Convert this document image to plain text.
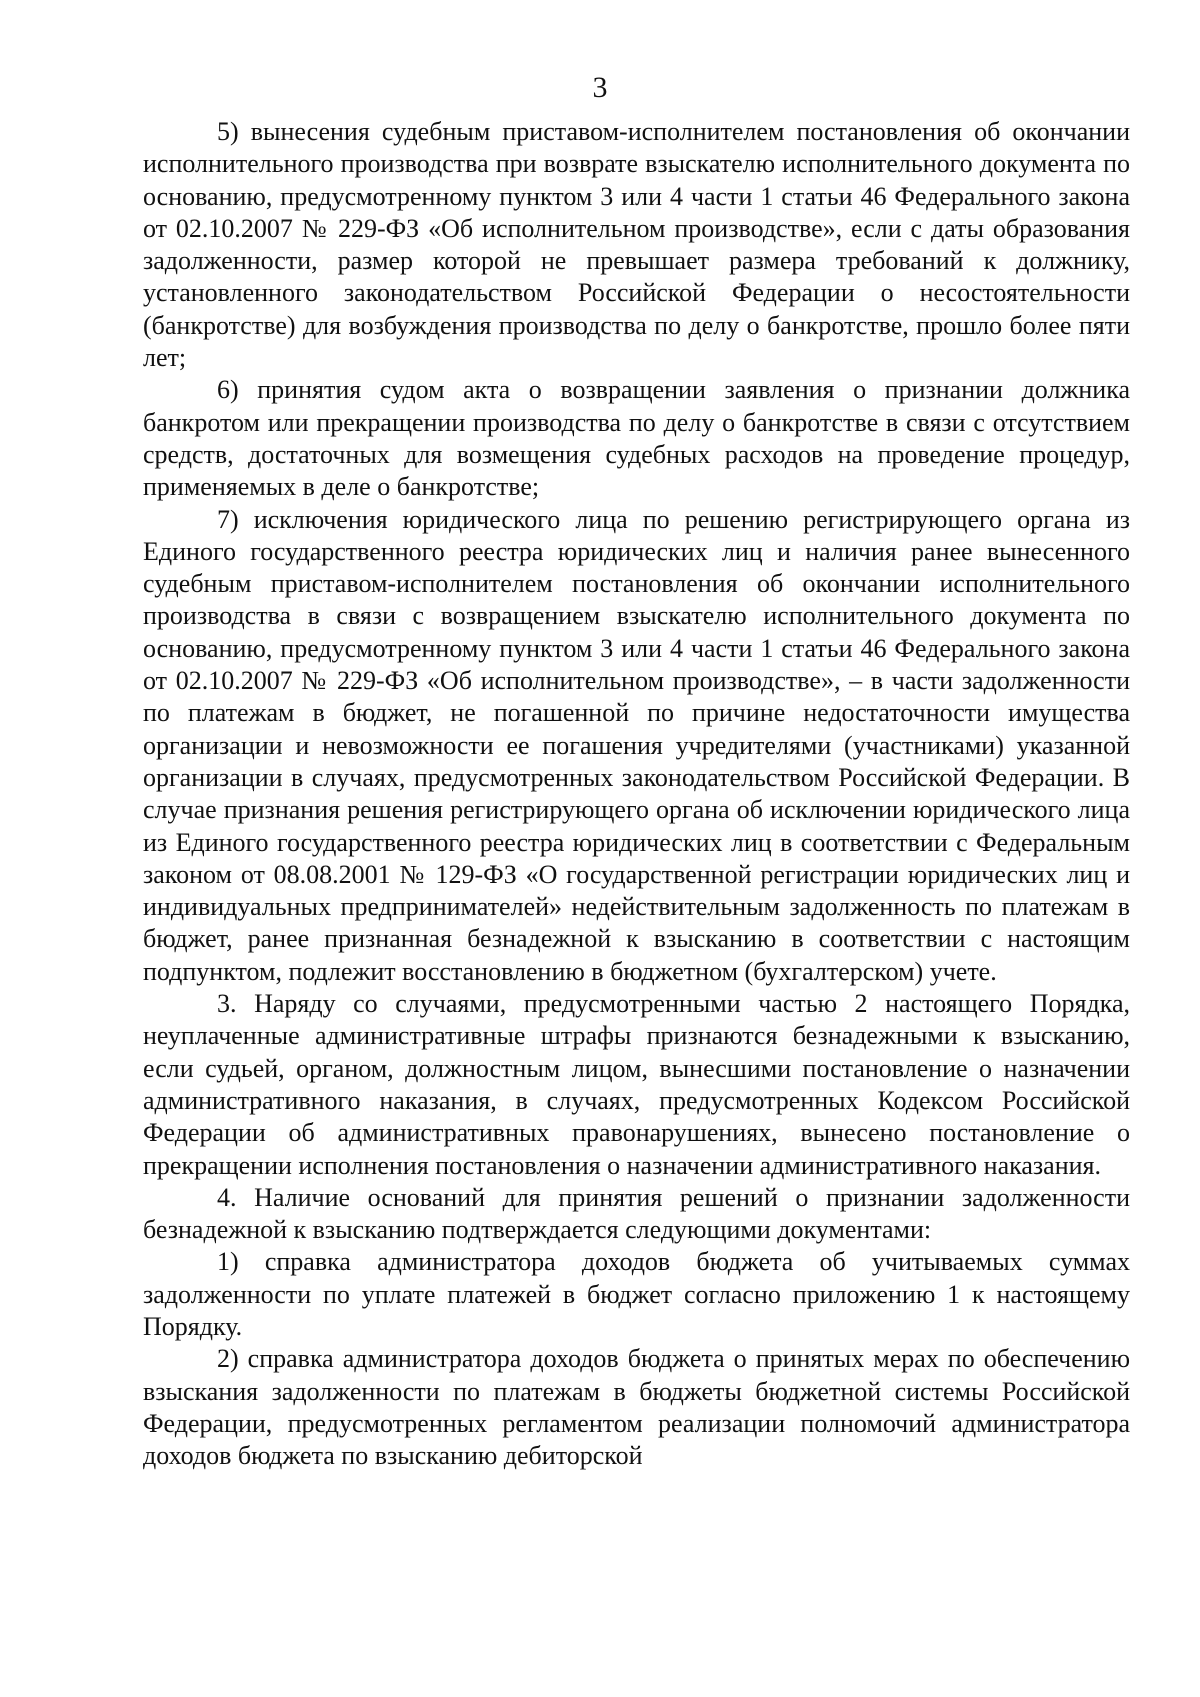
3

5) вынесения судебным приставом-исполнителем постановления об окончании исполнительного производства при возврате взыскателю исполнительного документа по основанию, предусмотренному пунктом 3 или 4 части 1 статьи 46 Федерального закона от 02.10.2007 № 229-ФЗ «Об исполнительном производстве», если с даты образования задолженности, размер которой не превышает размера требований к должнику, установленного законодательством Российской Федерации о несостоятельности (банкротстве) для возбуждения производства по делу о банкротстве, прошло более пяти лет;

6) принятия судом акта о возвращении заявления о признании должника банкротом или прекращении производства по делу о банкротстве в связи с отсутствием средств, достаточных для возмещения судебных расходов на проведение процедур, применяемых в деле о банкротстве;

7) исключения юридического лица по решению регистрирующего органа из Единого государственного реестра юридических лиц и наличия ранее вынесенного судебным приставом-исполнителем постановления об окончании исполнительного производства в связи с возвращением взыскателю исполнительного документа по основанию, предусмотренному пунктом 3 или 4 части 1 статьи 46 Федерального закона от 02.10.2007 № 229-ФЗ «Об исполнительном производстве», – в части задолженности по платежам в бюджет, не погашенной по причине недостаточности имущества организации и невозможности ее погашения учредителями (участниками) указанной организации в случаях, предусмотренных законодательством Российской Федерации. В случае признания решения регистрирующего органа об исключении юридического лица из Единого государственного реестра юридических лиц в соответствии с Федеральным законом от 08.08.2001 № 129-ФЗ «О государственной регистрации юридических лиц и индивидуальных предпринимателей» недействительным задолженность по платежам в бюджет, ранее признанная безнадежной к взысканию в соответствии с настоящим подпунктом, подлежит восстановлению в бюджетном (бухгалтерском) учете.

3. Наряду со случаями, предусмотренными частью 2 настоящего Порядка, неуплаченные административные штрафы признаются безнадежными к взысканию, если судьей, органом, должностным лицом, вынесшими постановление о назначении административного наказания, в случаях, предусмотренных Кодексом Российской Федерации об административных правонарушениях, вынесено постановление о прекращении исполнения постановления о назначении административного наказания.

4. Наличие оснований для принятия решений о признании задолженности безнадежной к взысканию подтверждается следующими документами:

1) справка администратора доходов бюджета об учитываемых суммах задолженности по уплате платежей в бюджет согласно приложению 1 к настоящему Порядку.

2) справка администратора доходов бюджета о принятых мерах по обеспечению взыскания задолженности по платежам в бюджеты бюджетной системы Российской Федерации, предусмотренных регламентом реализации полномочий администратора доходов бюджета по взысканию дебиторской
